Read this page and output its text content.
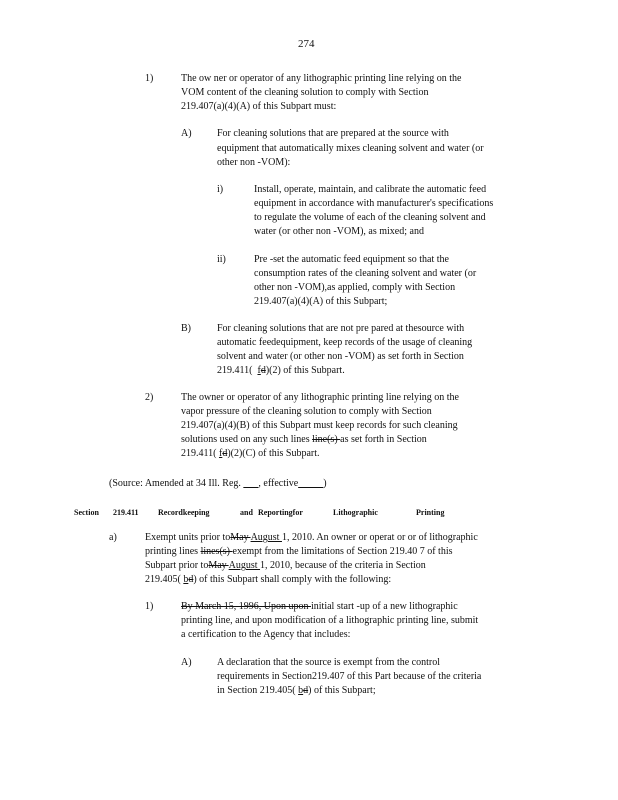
274
1)	The ow ner or operator of any lithographic printing line relying on the
VOM content of the cleaning solution to comply with Section
219.407(a)(4)(A) of this Subpart must:
A)	For cleaning solutions that are prepared at the source with
equipment that automatically mixes cleaning solvent and water (or
other non -VOM):
i)	Install, operate, maintain, and calibrate the automatic feed
equipment in accordance with manufacturer's specifications
to regulate the volume of each of the cleaning solvent and
water (or other non -VOM), as mixed; and
ii)	Pre -set the automatic feed equipment so that the
consumption rates of the cleaning solvent and water (or
other non -VOM),as applied, comply with Section
219.407(a)(4)(A) of this Subpart;
B)	For cleaning solutions that are not pre pared at thesource with
automatic feedequipment, keep records of the usage of cleaning
solvent and water (or other non -VOM) as set forth in Section
219.411( fd)(2) of this Subpart.
2)	The owner or operator of any lithographic printing line relying on the
vapor pressure of the cleaning solution to comply with Section
219.407(a)(4)(B) of this Subpart must keep records for such cleaning
solutions used on any such lines line(s) as set forth in Section
219.411( fd)(2)(C) of this Subpart.
(Source: Amended at 34 Ill. Reg. ___, effective_____)
Section 219.411 Recordkeeping	and Reportingfor	Lithographic	Printing
a)	Exempt units prior toMay August 1, 2010. An owner or operat or or of lithographic
printing lines lines(s) exempt from the limitations of Section 219.40 7 of this
Subpart prior toMay August 1, 2010, because of the criteria in Section
219.405( bd) of this Subpart shall comply with the following:
1)	By March 15, 1996, Upon upon initial start -up of a new lithographic
printing line, and upon modification of a lithographic printing line, submit
a certification to the Agency that includes:
A)	A declaration that the source is exempt from the control
requirements in Section219.407 of this Part because of the criteria
in Section 219.405( bd) of this Subpart;
